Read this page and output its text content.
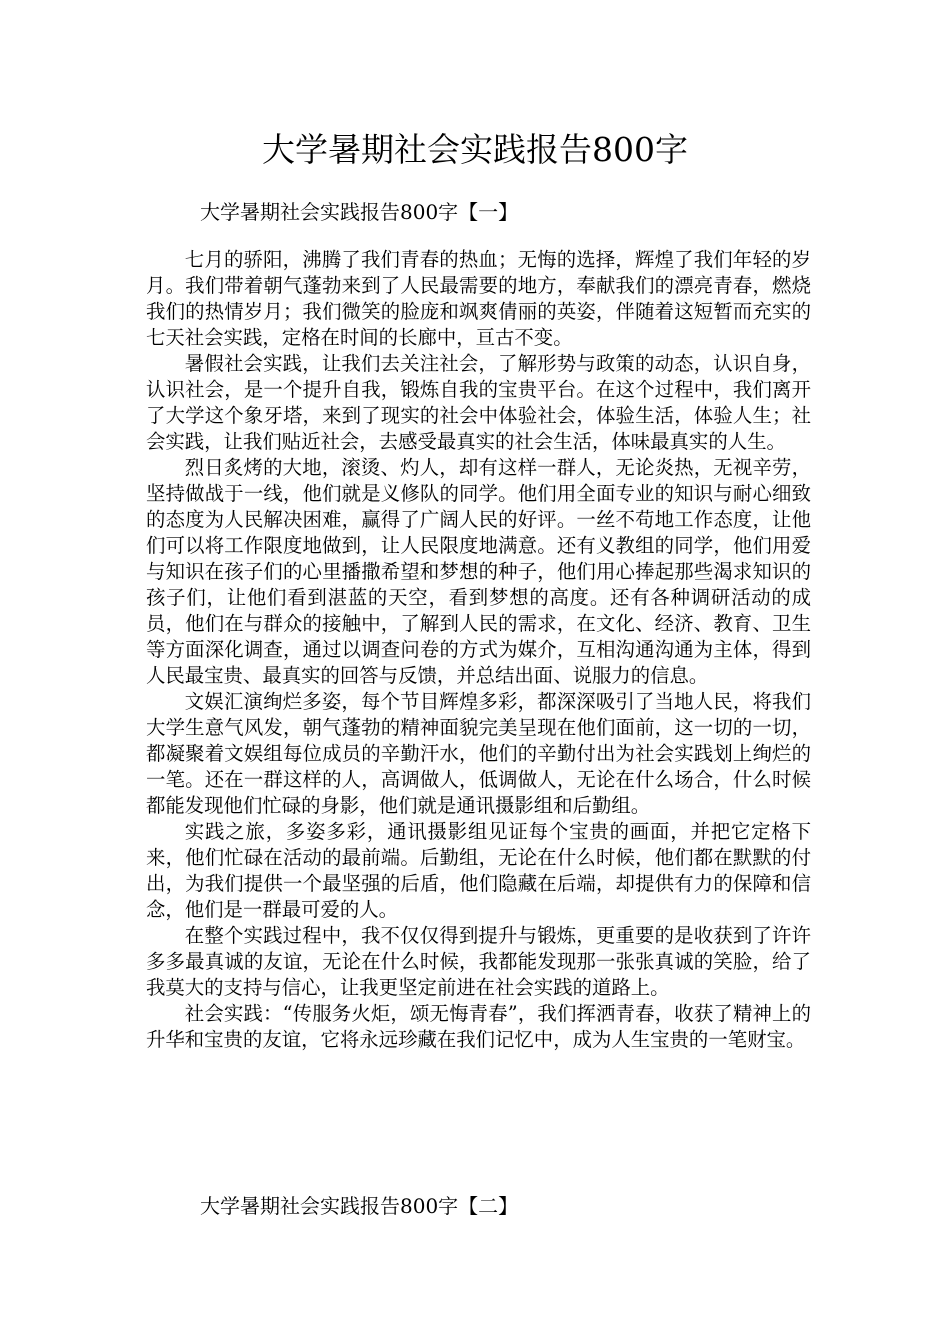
大学暑期社会实践报告800字
大学暑期社会实践报告800字【一】

七月的骄阳，沸腾了我们青春的热血；无悔的选择，辉煌了我们年轻的岁月。我们带着朝气蓬勃来到了人民最需要的地方，奉献我们的漂亮青春，燃烧我们的热情岁月；我们微笑的脸庞和飒爽倩丽的英姿，伴随着这短暂而充实的七天社会实践，定格在时间的长廊中，亘古不变。

暑假社会实践，让我们去关注社会，了解形势与政策的动态，认识自身，认识社会，是一个提升自我，锻炼自我的宝贵平台。在这个过程中，我们离开了大学这个象牙塔，来到了现实的社会中体验社会，体验生活，体验人生；社会实践，让我们贴近社会，去感受最真实的社会生活，体味最真实的人生。

烈日炙烤的大地，滚烫、灼人，却有这样一群人，无论炎热，无视辛劳，坚持做战于一线，他们就是义修队的同学。他们用全面专业的知识与耐心细致的态度为人民解决困难，赢得了广阔人民的好评。一丝不苟地工作态度，让他们可以将工作限度地做到，让人民限度地满意。还有义教组的同学，他们用爱与知识在孩子们的心里播撒希望和梦想的种子，他们用心捧起那些渴求知识的孩子们，让他们看到湛蓝的天空，看到梦想的高度。还有各种调研活动的成员，他们在与群众的接触中，了解到人民的需求，在文化、经济、教育、卫生等方面深化调查，通过以调查问卷的方式为媒介，互相沟通沟通为主体，得到人民最宝贵、最真实的回答与反馈，并总结出面、说服力的信息。

文娱汇演绚烂多姿，每个节目辉煌多彩，都深深吸引了当地人民，将我们大学生意气风发，朝气蓬勃的精神面貌完美呈现在他们面前，这一切的一切，都凝聚着文娱组每位成员的辛勤汗水，他们的辛勤付出为社会实践划上绚烂的一笔。还在一群这样的人，高调做人，低调做人，无论在什么场合，什么时候都能发现他们忙碌的身影，他们就是通讯摄影组和后勤组。

实践之旅，多姿多彩，通讯摄影组见证每个宝贵的画面，并把它定格下来，他们忙碌在活动的最前端。后勤组，无论在什么时候，他们都在默默的付出，为我们提供一个最坚强的后盾，他们隐藏在后端，却提供有力的保障和信念，他们是一群最可爱的人。

在整个实践过程中，我不仅仅得到提升与锻炼，更重要的是收获到了许许多多最真诚的友谊，无论在什么时候，我都能发现那一张张真诚的笑脸，给了我莫大的支持与信心，让我更坚定前进在社会实践的道路上。

社会实践：“传服务火炬，颂无悔青春”，我们挥洒青春，收获了精神上的升华和宝贵的友谊，它将永远珍藏在我们记忆中，成为人生宝贵的一笔财宝。

大学暑期社会实践报告800字【二】
